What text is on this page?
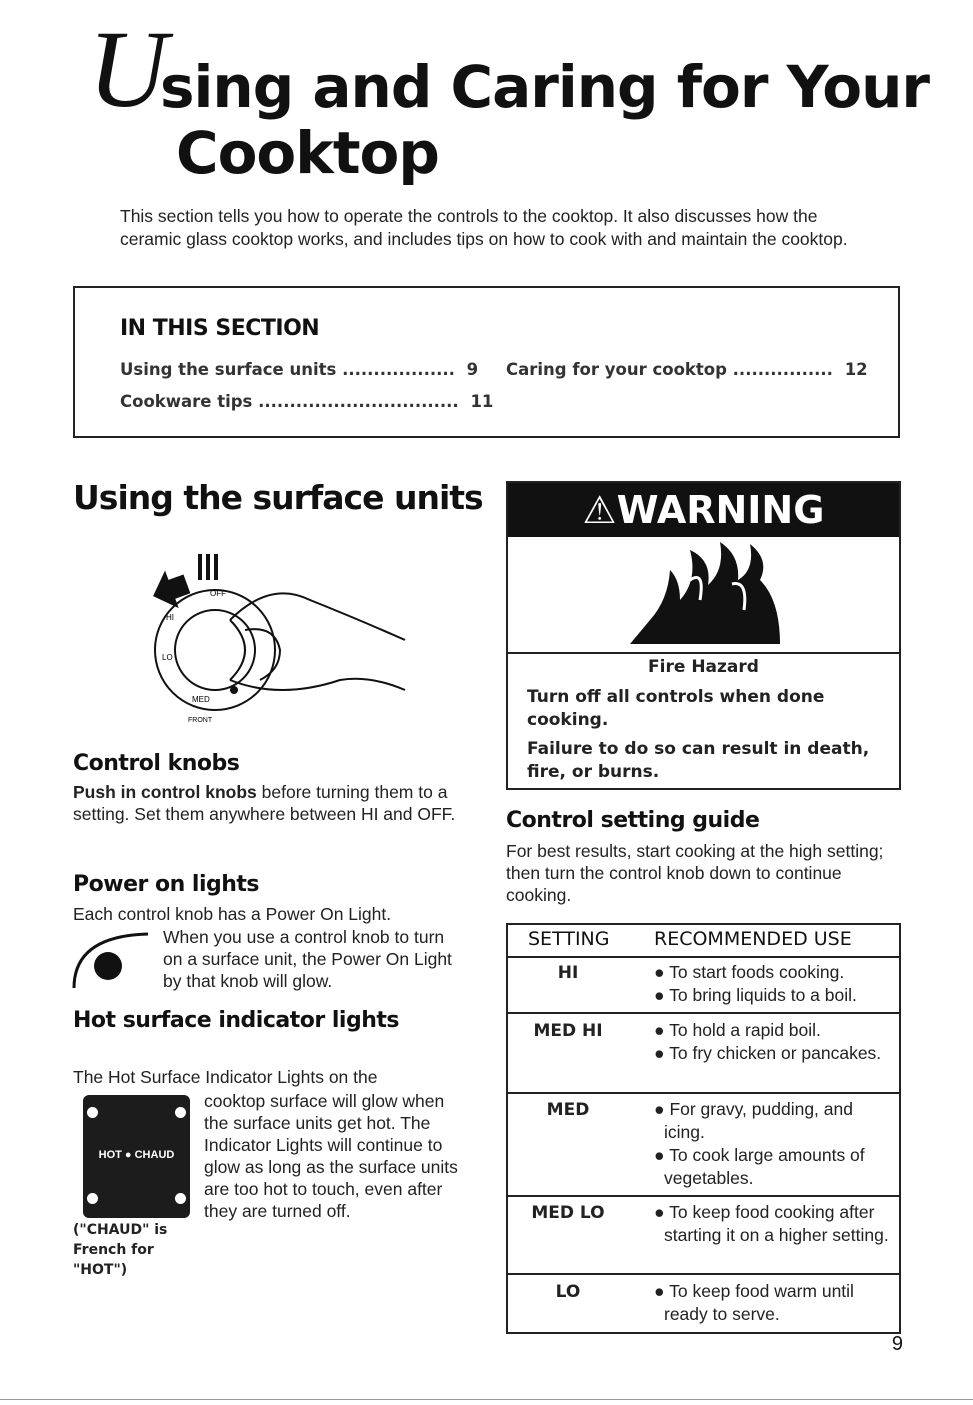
U
sing and Caring for Your
Cooktop
This section tells you how to operate the controls to the cooktop. It also discusses how the ceramic glass cooktop works, and includes tips on how to cook with and maintain the cooktop.
IN THIS SECTION
Using the surface units .................. 9
Cookware tips ................................ 11
Caring for your cooktop ................ 12
Using the surface units
OFF
HI
LO
MED
FRONT
Control knobs
Push in control knobs before turning them to a setting. Set them anywhere between HI and OFF.
Power on lights
Each control knob has a Power On Light.
When you use a control knob to turn on a surface unit, the Power On Light by that knob will glow.
Hot surface indicator lights
The Hot Surface Indicator Lights on the
HOT ● CHAUD
cooktop surface will glow when the surface units get hot. The Indicator Lights will continue to glow as long as the surface units are too hot to touch, even after they are turned off.
("CHAUD" is French for "HOT")
⚠WARNING
Fire Hazard
Turn off all controls when done cooking.
Failure to do so can result in death, fire, or burns.
Control setting guide
For best results, start cooking at the high setting; then turn the control knob down to continue cooking.
SETTING RECOMMENDED USE
HI	● To start foods cooking.
● To bring liquids to a boil.
MED HI	● To hold a rapid boil.
● To fry chicken or pancakes.
MED	● For gravy, pudding, and icing.
● To cook large amounts of vegetables.
MED LO	● To keep food cooking after starting it on a higher setting.
LO	● To keep food warm until ready to serve.
9
